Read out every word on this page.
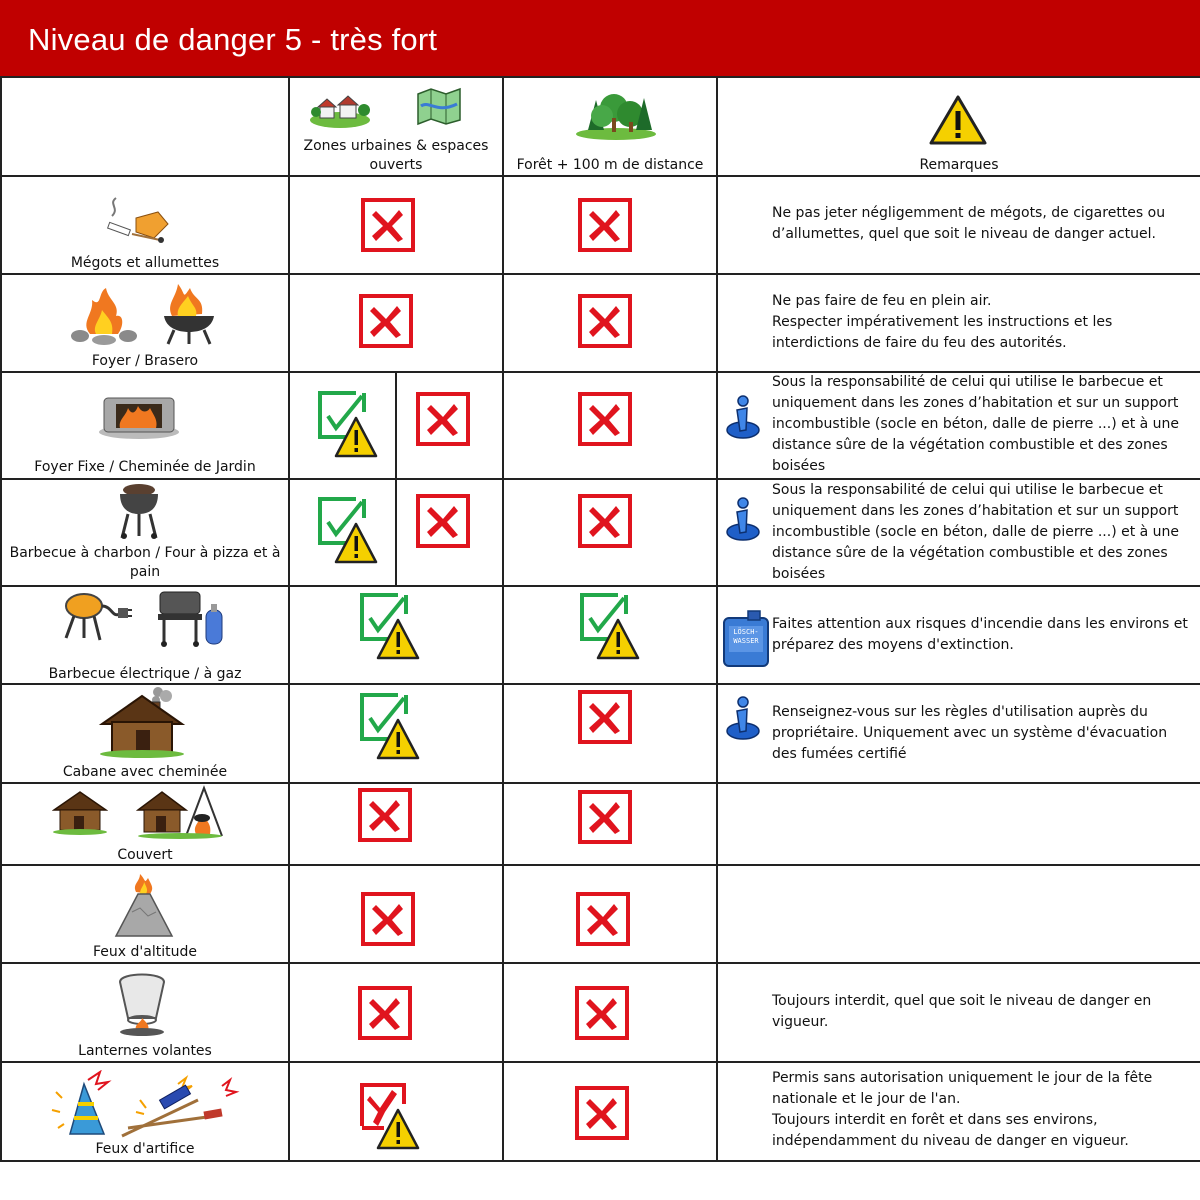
Niveau de danger 5 - très fort
Zones urbaines & espaces ouverts	Forêt + 100 m de distance	Remarques
Mégots et allumettes

Ne pas jeter négligemment de mégots, de cigarettes ou d’allumettes, quel que soit le niveau de danger actuel.

Foyer / Brasero

Ne pas faire de feu en plein air.

Respecter impérativement les instructions et les interdictions de faire du feu des autorités.

Foyer Fixe / Cheminée de Jardin

Sous la responsabilité de celui qui utilise le barbecue et uniquement dans les zones d’habitation et sur un support incombustible (socle en béton, dalle de pierre ...) et à une distance sûre de la végétation combustible et des zones boisées

Barbecue à charbon / Four à pizza et à pain

Sous la responsabilité de celui qui utilise le barbecue et uniquement dans les zones d’habitation et sur un support incombustible (socle en béton, dalle de pierre ...) et à une distance sûre de la végétation combustible et des zones boisées

Barbecue électrique / à gaz
LÖSCH-
WASSER

Faites attention aux risques d'incendie dans les environs et préparez des moyens d'extinction.

Cabane avec cheminée

Renseignez-vous sur les règles d'utilisation auprès du propriétaire. Uniquement avec un système d'évacuation des fumées certifié

Couvert
Feux d'altitude
Lanternes volantes

Toujours interdit, quel que soit le niveau de danger en vigueur.

Feux d'artifice

Permis sans autorisation uniquement le jour de la fête nationale et le jour de l'an.

Toujours interdit en forêt et dans ses environs, indépendamment du niveau de danger en vigueur.
